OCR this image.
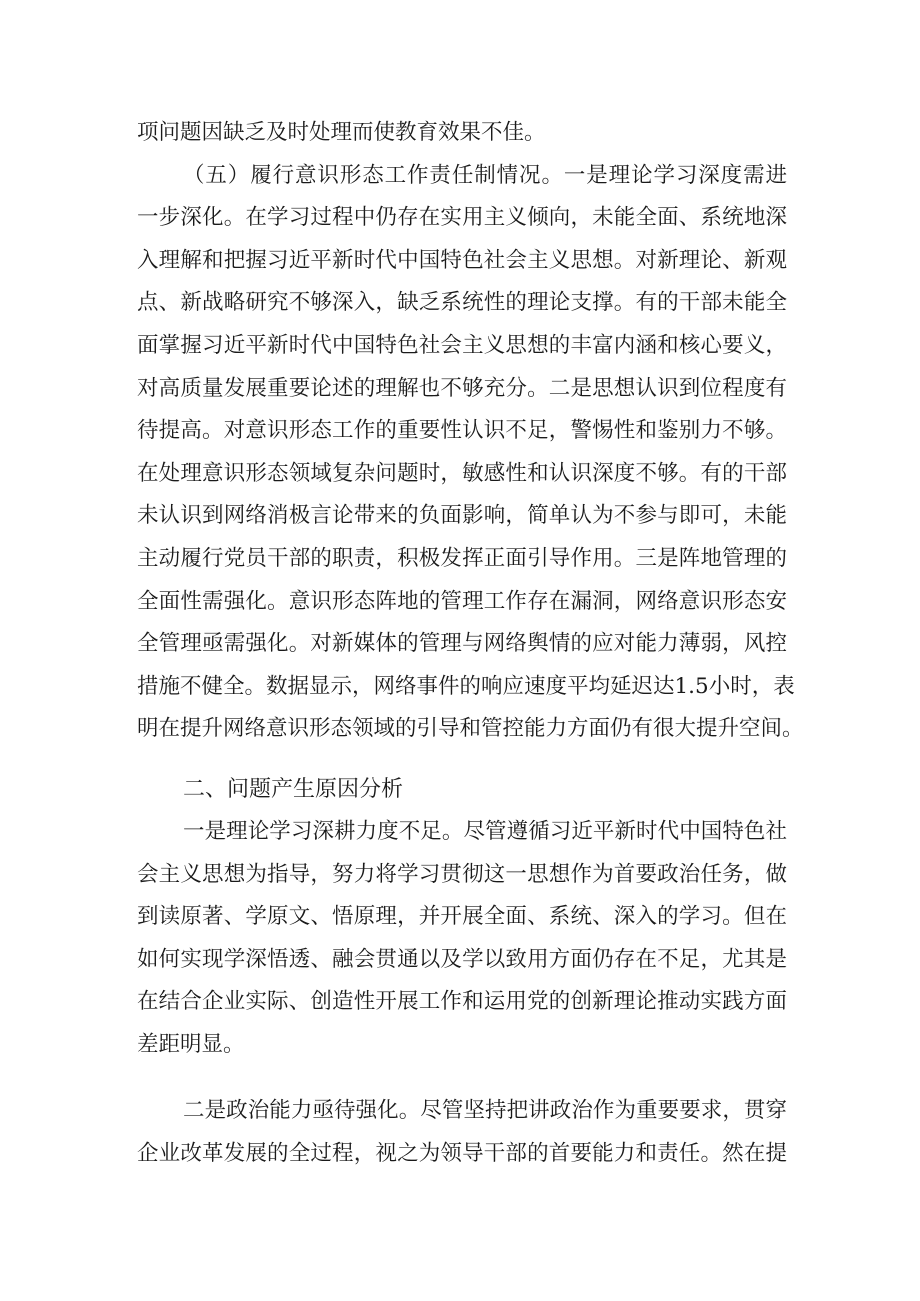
项问题因缺乏及时处理而使教育效果不佳。
（五）履行意识形态工作责任制情况。一是理论学习深度需进
一步深化。在学习过程中仍存在实用主义倾向，未能全面、系统地深
入理解和把握习近平新时代中国特色社会主义思想。对新理论、新观
点、新战略研究不够深入，缺乏系统性的理论支撑。有的干部未能全
面掌握习近平新时代中国特色社会主义思想的丰富内涵和核心要义，
对高质量发展重要论述的理解也不够充分。二是思想认识到位程度有
待提高。对意识形态工作的重要性认识不足，警惕性和鉴别力不够。
在处理意识形态领域复杂问题时，敏感性和认识深度不够。有的干部
未认识到网络消极言论带来的负面影响，简单认为不参与即可，未能
主动履行党员干部的职责，积极发挥正面引导作用。三是阵地管理的
全面性需强化。意识形态阵地的管理工作存在漏洞，网络意识形态安
全管理亟需强化。对新媒体的管理与网络舆情的应对能力薄弱，风控
措施不健全。数据显示，网络事件的响应速度平均延迟达1.5小时，表
明在提升网络意识形态领域的引导和管控能力方面仍有很大提升空间。
二、问题产生原因分析
一是理论学习深耕力度不足。尽管遵循习近平新时代中国特色社
会主义思想为指导，努力将学习贯彻这一思想作为首要政治任务，做
到读原著、学原文、悟原理，并开展全面、系统、深入的学习。但在
如何实现学深悟透、融会贯通以及学以致用方面仍存在不足，尤其是
在结合企业实际、创造性开展工作和运用党的创新理论推动实践方面
差距明显。
二是政治能力亟待强化。尽管坚持把讲政治作为重要要求，贯穿
企业改革发展的全过程，视之为领导干部的首要能力和责任。然在提
